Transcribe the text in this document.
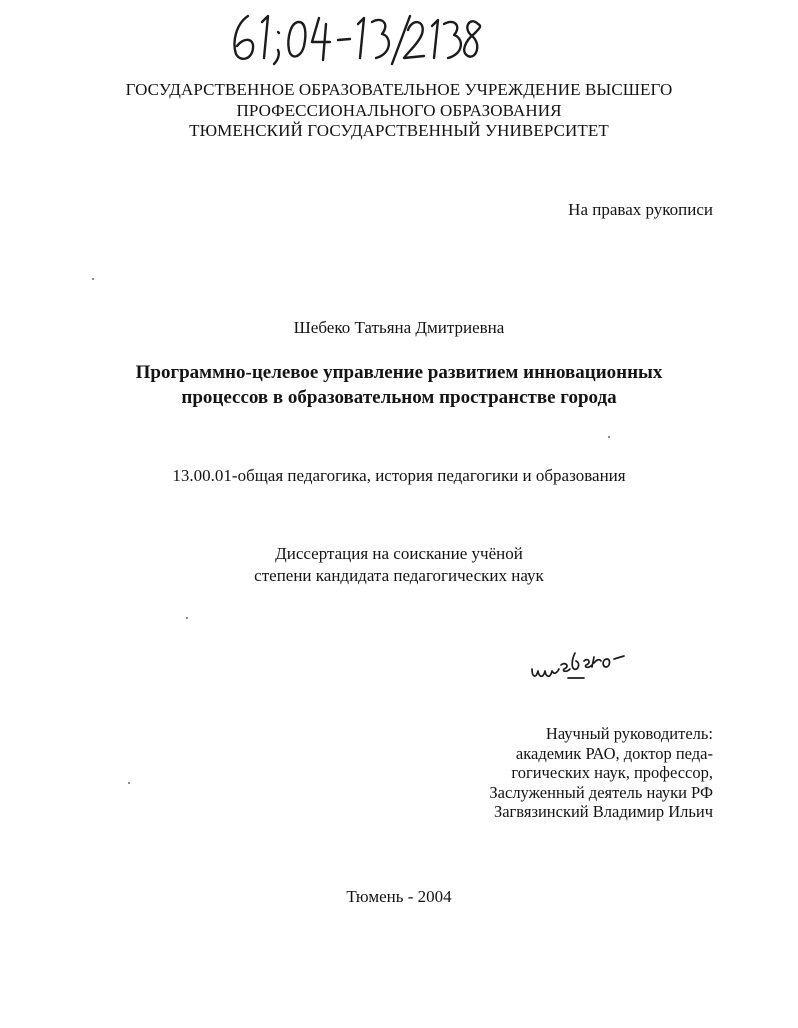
ГОСУДАРСТВЕННОЕ ОБРАЗОВАТЕЛЬНОЕ УЧРЕЖДЕНИЕ ВЫСШЕГО
ПРОФЕССИОНАЛЬНОГО ОБРАЗОВАНИЯ
ТЮМЕНСКИЙ ГОСУДАРСТВЕННЫЙ УНИВЕРСИТЕТ
На правах рукописи
Шебеко Татьяна Дмитриевна
Программно-целевое управление развитием инновационных
процессов в образовательном пространстве города
13.00.01-общая педагогика, история педагогики и образования
Диссертация на соискание учёной
степени кандидата педагогических наук
Научный руководитель:
академик РАО, доктор педа-
гогических наук, профессор,
Заслуженный деятель науки РФ
Загвязинский Владимир Ильич
Тюмень - 2004
